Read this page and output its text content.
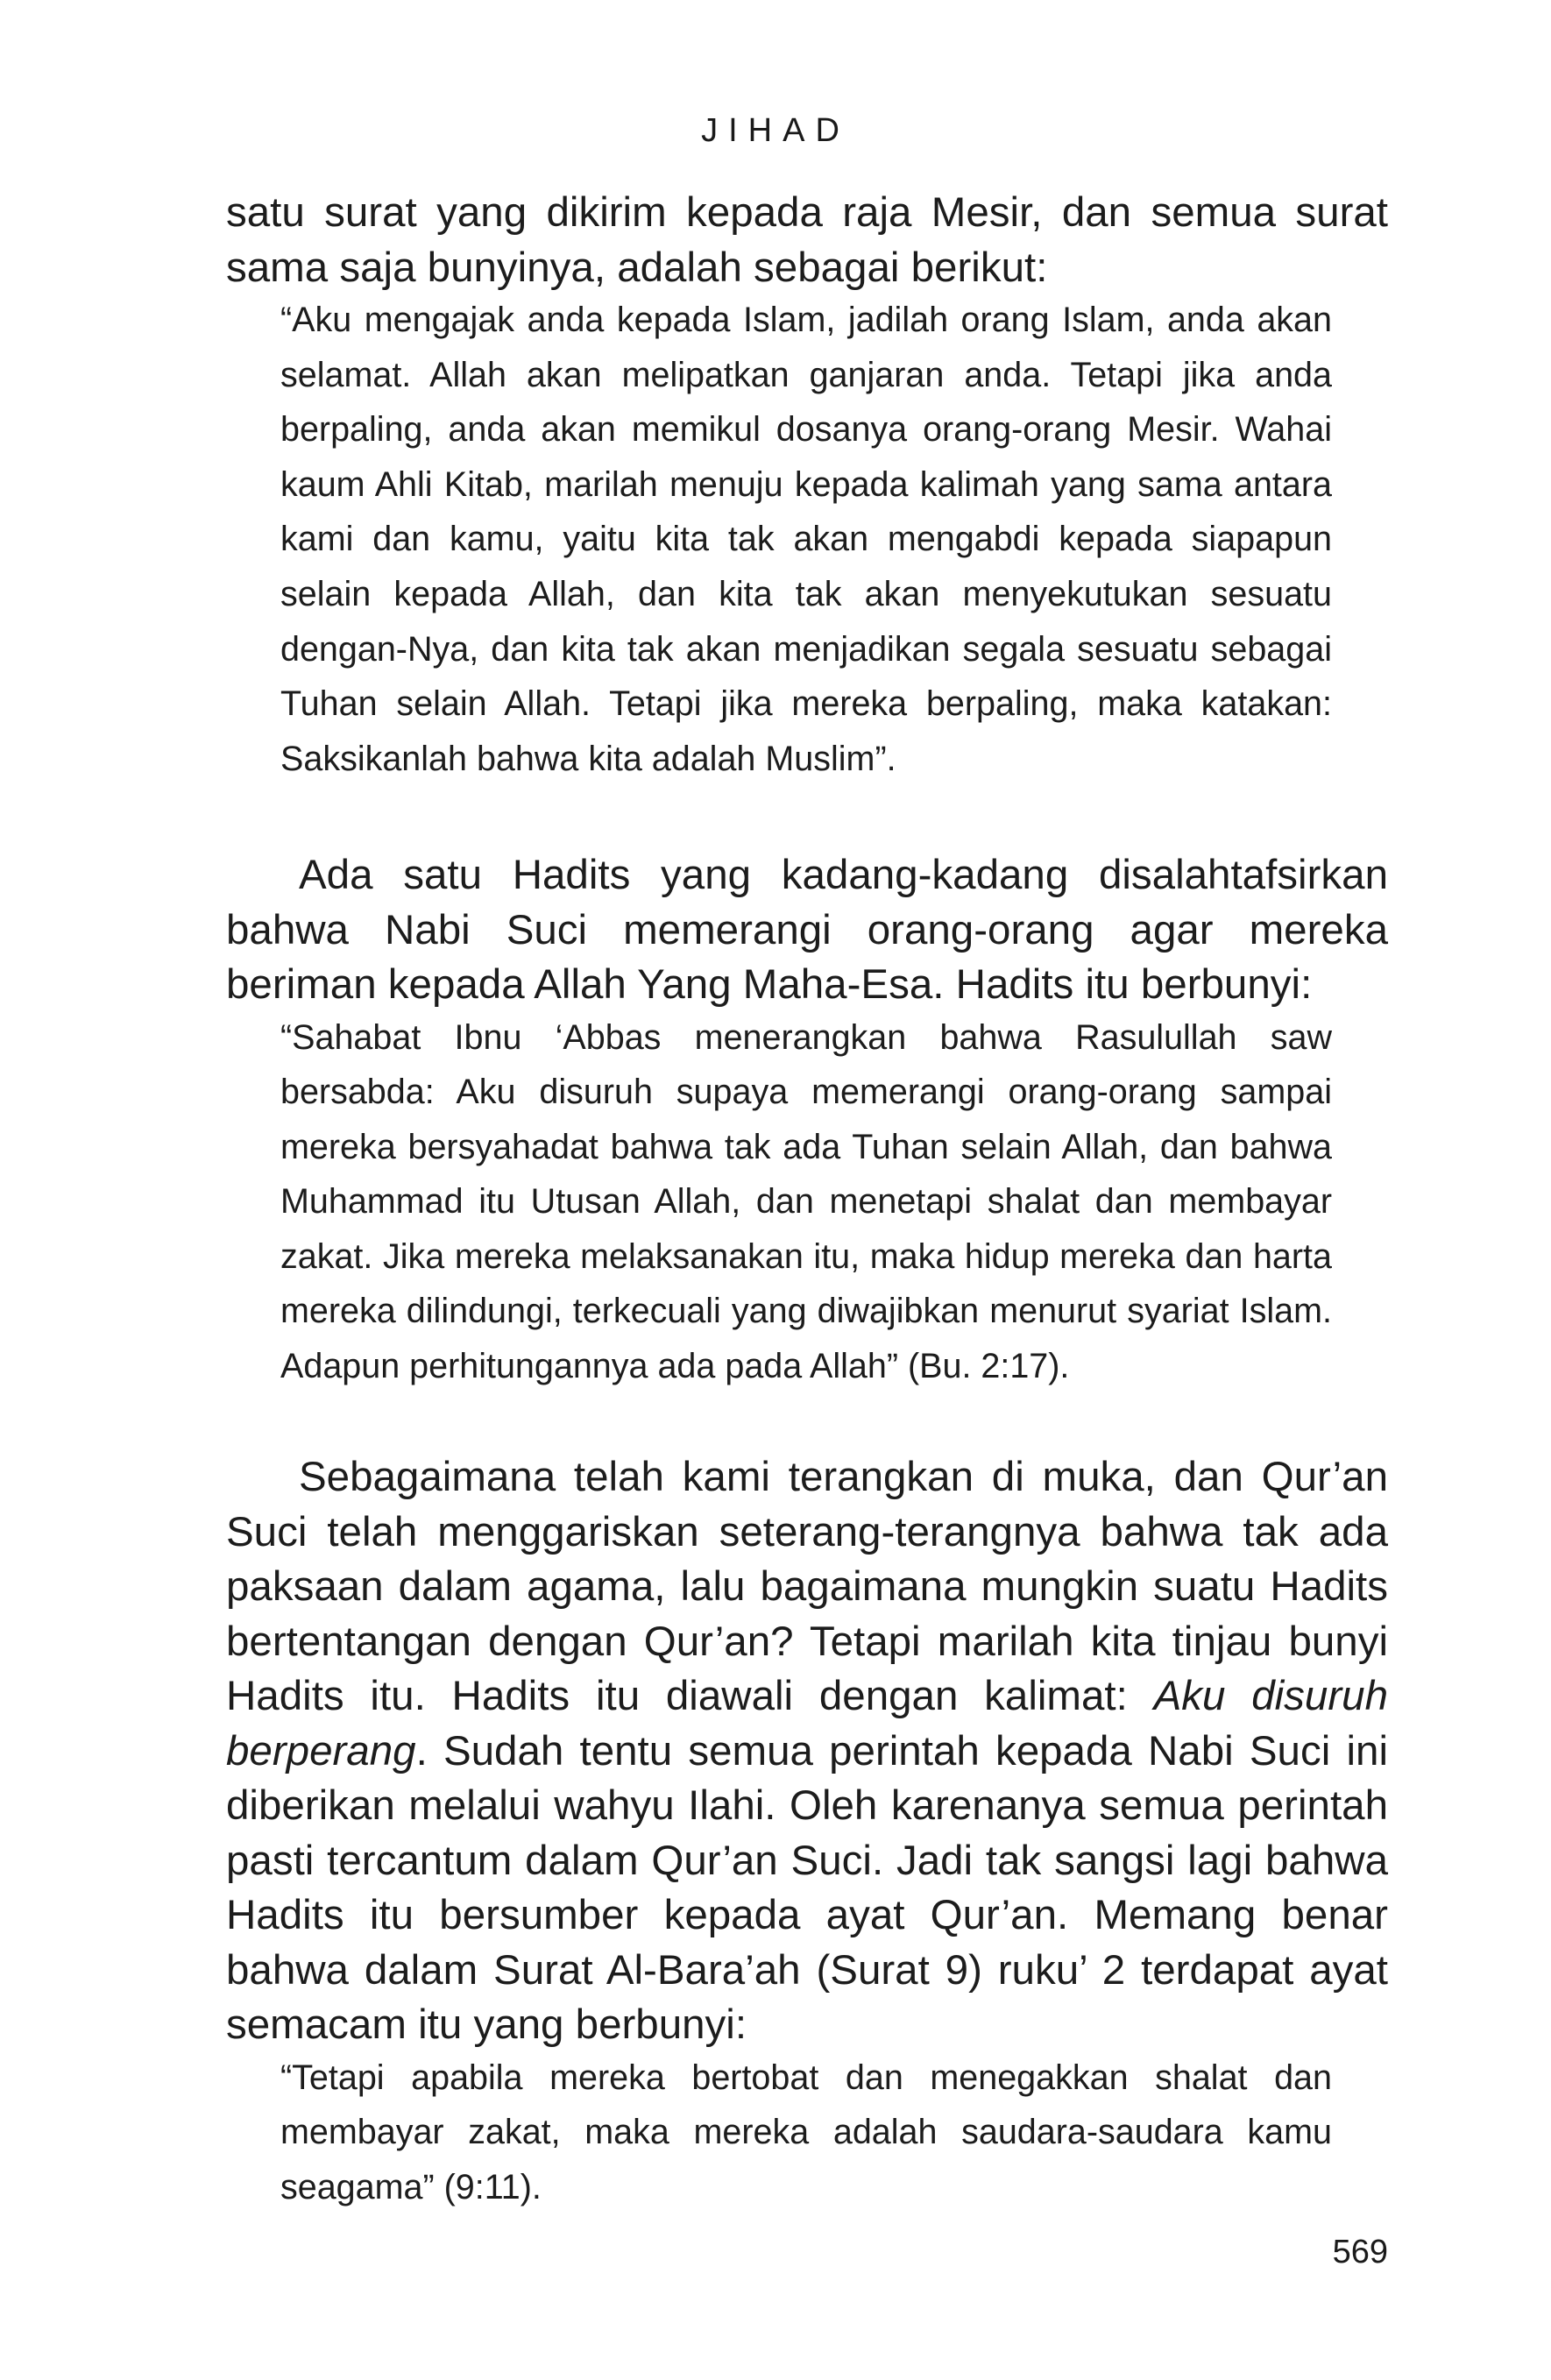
JIHAD

satu surat yang dikirim kepada raja Mesir, dan semua surat sama saja bunyinya, adalah sebagai berikut:

“Aku mengajak anda kepada Islam, jadilah orang Islam, anda akan selamat. Allah akan melipatkan ganjaran anda. Tetapi jika anda berpaling, anda akan memikul dosanya orang-orang Mesir. Wahai kaum Ahli Kitab, marilah menuju kepada kalimah yang sama antara kami dan kamu, yaitu kita tak akan mengabdi kepada siapapun selain kepada Allah, dan kita tak akan menyekutukan sesuatu dengan-Nya, dan kita tak akan menjadikan segala sesuatu sebagai Tuhan selain Allah. Tetapi jika mereka berpaling, maka katakan: Saksikanlah bahwa kita adalah Muslim”.

Ada satu Hadits yang kadang-kadang disalahtafsirkan bahwa Nabi Suci memerangi orang-orang agar mereka beriman kepada Allah Yang Maha-Esa. Hadits itu berbunyi:

“Sahabat Ibnu ‘Abbas menerangkan bahwa Rasulullah saw bersabda: Aku disuruh supaya memerangi orang-orang sampai mereka bersyahadat bahwa tak ada Tuhan selain Allah, dan bahwa Muhammad itu Utusan Allah, dan menetapi shalat dan membayar zakat. Jika mereka melaksanakan itu, maka hidup mereka dan harta mereka dilindungi, terkecuali yang diwajibkan menurut syariat Islam. Adapun perhitungannya ada pada Allah” (Bu. 2:17).

Sebagaimana telah kami terangkan di muka, dan Qur’an Suci telah menggariskan seterang-terangnya bahwa tak ada paksaan dalam agama, lalu bagaimana mungkin suatu Hadits bertentangan dengan Qur’an? Tetapi marilah kita tinjau bunyi Hadits itu. Hadits itu diawali dengan kalimat: Aku disuruh berperang. Sudah tentu semua perintah kepada Nabi Suci ini diberikan melalui wahyu Ilahi. Oleh karenanya semua perintah pasti tercantum dalam Qur’an Suci. Jadi tak sangsi lagi bahwa Hadits itu bersumber kepada ayat Qur’an. Memang benar bahwa dalam Surat Al-Bara’ah (Surat 9) ruku’ 2 terdapat ayat semacam itu yang berbunyi:

“Tetapi apabila mereka bertobat dan menegakkan shalat dan membayar zakat, maka mereka adalah saudara-saudara kamu seagama” (9:11).

569
